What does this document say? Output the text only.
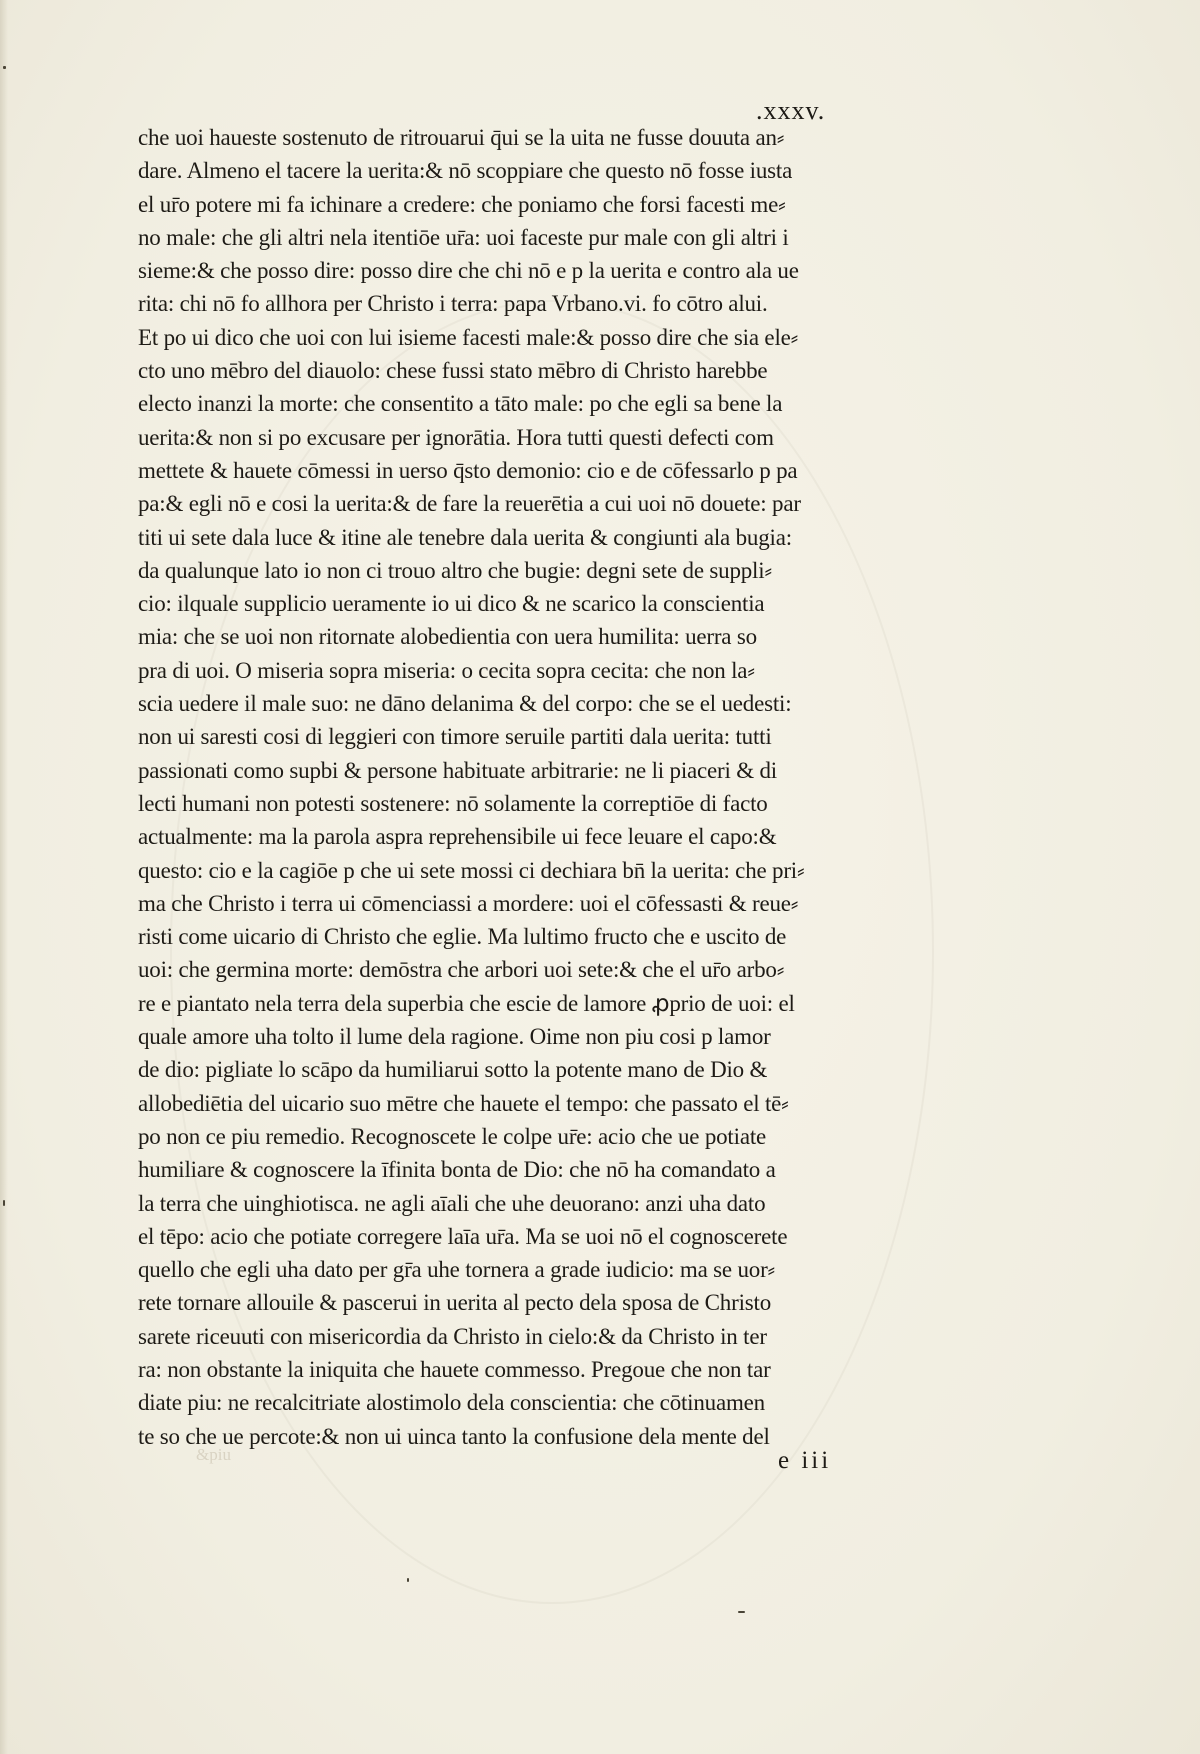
.xxxv.
che uoi haueste sostenuto de ritrouarui q̄ui se la uita ne fusse douuta an⸗
dare. Almeno el tacere la uerita:& nō scoppiare che questo nō fosse iusta
el ur̄o potere mi fa ichinare a credere: che poniamo che forsi facesti me⸗
no male: che gli altri nela itentiōe ur̄a: uoi faceste pur male con gli altri i
sieme:& che posso dire: posso dire che chi nō e p la uerita e contro ala ue
rita: chi nō fo allhora per Christo i terra: papa Vrbano.vi. fo cōtro alui.
Et po ui dico che uoi con lui isieme facesti male:& posso dire che sia ele⸗
cto uno mēbro del diauolo: chese fussi stato mēbro di Christo harebbe
electo inanzi la morte: che consentito a tāto male: po che egli sa bene la
uerita:& non si po excusare per ignorātia. Hora tutti questi defecti com
mettete & hauete cōmessi in uerso q̄sto demonio: cio e de cōfessarlo p pa
pa:& egli nō e cosi la uerita:& de fare la reuerētia a cui uoi nō douete: par
titi ui sete dala luce & itine ale tenebre dala uerita & congiunti ala bugia:
da qualunque lato io non ci trouo altro che bugie: degni sete de suppli⸗
cio: ilquale supplicio ueramente io ui dico & ne scarico la conscientia
mia: che se uoi non ritornate alobedientia con uera humilita: uerra so
pra di uoi. O miseria sopra miseria: o cecita sopra cecita: che non la⸗
scia uedere il male suo: ne dāno delanima & del corpo: che se el uedesti:
non ui saresti cosi di leggieri con timore seruile partiti dala uerita: tutti
passionati como supbi & persone habituate arbitrarie: ne li piaceri & di
lecti humani non potesti sostenere: nō solamente la correptiōe di facto
actualmente: ma la parola aspra reprehensibile ui fece leuare el capo:&
questo: cio e la cagiōe p che ui sete mossi ci dechiara bn̄ la uerita: che pri⸗
ma che Christo i terra ui cōmenciassi a mordere: uoi el cōfessasti & reue⸗
risti come uicario di Christo che eglie. Ma lultimo fructo che e uscito de
uoi: che germina morte: demōstra che arbori uoi sete:& che el ur̄o arbo⸗
re e piantato nela terra dela superbia che escie de lamore ꝓprio de uoi: el
quale amore uha tolto il lume dela ragione. Oime non piu cosi p lamor
de dio: pigliate lo scāpo da humiliarui sotto la potente mano de Dio &
allobediētia del uicario suo mētre che hauete el tempo: che passato el tē⸗
po non ce piu remedio. Recognoscete le colpe ur̄e: acio che ue potiate
humiliare & cognoscere la īfinita bonta de Dio: che nō ha comandato a
la terra che uinghiotisca. ne agli aīali che uhe deuorano: anzi uha dato
el tēpo: acio che potiate corregere laīa ur̄a. Ma se uoi nō el cognoscerete
quello che egli uha dato per gr̄a uhe tornera a grade iudicio: ma se uor⸗
rete tornare allouile & pascerui in uerita al pecto dela sposa de Christo
sarete riceuuti con misericordia da Christo in cielo:& da Christo in ter
ra: non obstante la iniquita che hauete commesso. Pregoue che non tar
diate piu: ne recalcitriate alostimolo dela conscientia: che cōtinuamen
te so che ue percote:& non ui uinca tanto la confusione dela mente del
&piu	e iii
